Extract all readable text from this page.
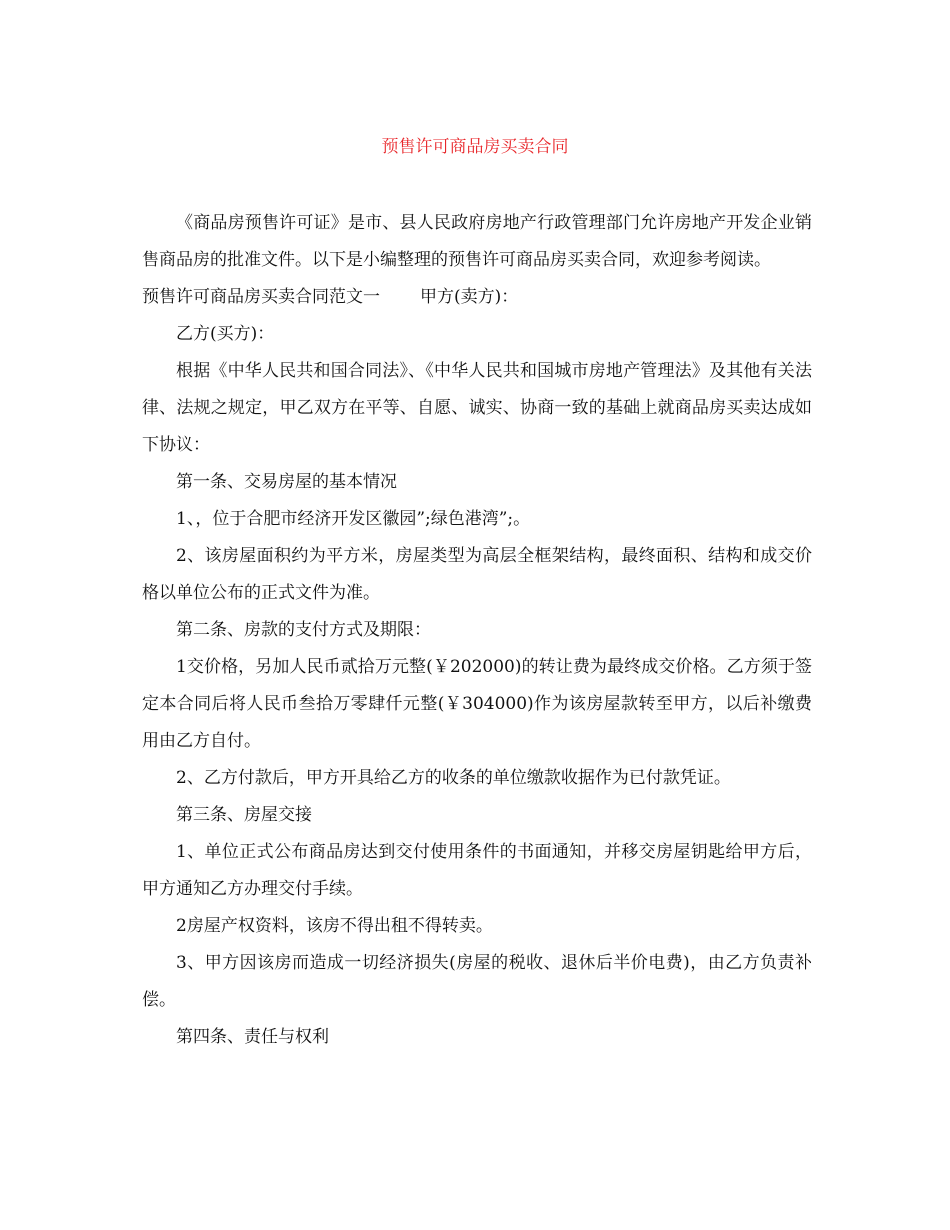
预售许可商品房买卖合同

《商品房预售许可证》是市、县人民政府房地产行政管理部门允许房地产开发企业销售商品房的批准文件。以下是小编整理的预售许可商品房买卖合同，欢迎参考阅读。

预售许可商品房买卖合同范文一 甲方(卖方)：

乙方(买方)：

根据《中华人民共和国合同法》、《中华人民共和国城市房地产管理法》及其他有关法律、法规之规定，甲乙双方在平等、自愿、诚实、协商一致的基础上就商品房买卖达成如下协议：

第一条、交易房屋的基本情况

1、，位于合肥市经济开发区徽园”;绿色港湾”;。

2、该房屋面积约为平方米，房屋类型为高层全框架结构，最终面积、结构和成交价格以单位公布的正式文件为准。

第二条、房款的支付方式及期限：

1交价格，另加人民币贰拾万元整(￥202000)的转让费为最终成交价格。乙方须于签定本合同后将人民币叁拾万零肆仟元整(￥304000)作为该房屋款转至甲方，以后补缴费用由乙方自付。

2、乙方付款后，甲方开具给乙方的收条的单位缴款收据作为已付款凭证。

第三条、房屋交接

1、单位正式公布商品房达到交付使用条件的书面通知，并移交房屋钥匙给甲方后，甲方通知乙方办理交付手续。

2房屋产权资料，该房不得出租不得转卖。

3、甲方因该房而造成一切经济损失(房屋的税收、退休后半价电费)，由乙方负责补偿。

第四条、责任与权利
